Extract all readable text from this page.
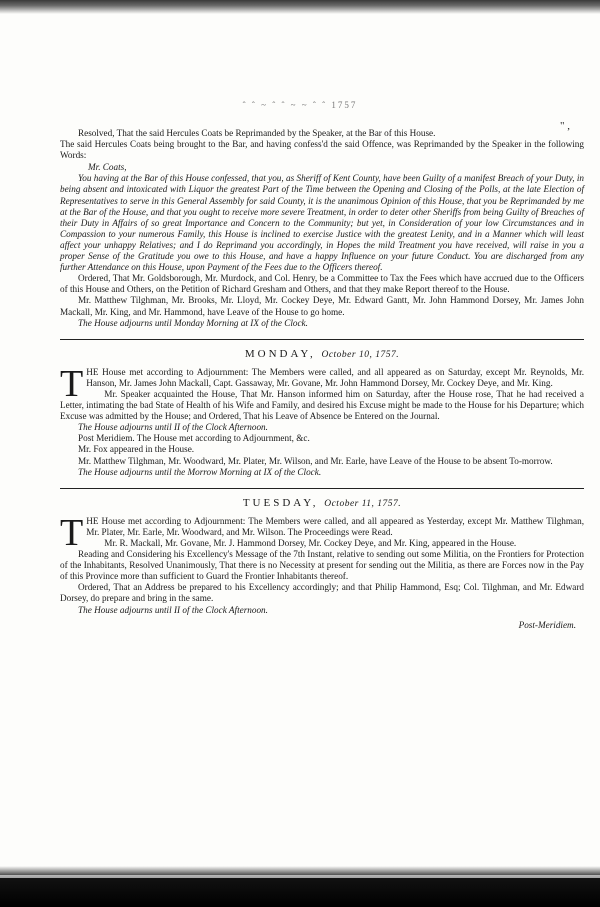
ˆ ˆ ~ ˆ ˆ ~ ~ ˆ ˆ 1757
" ,

Resolved, That the said Hercules Coats be Reprimanded by the Speaker, at the Bar of this House.

The said Hercules Coats being brought to the Bar, and having confess'd the said Offence, was Reprimanded by the Speaker in the following Words:

Mr. Coats,

You having at the Bar of this House confessed, that you, as Sheriff of Kent County, have been Guilty of a manifest Breach of your Duty, in being absent and intoxicated with Liquor the greatest Part of the Time between the Opening and Closing of the Polls, at the late Election of Representatives to serve in this General Assembly for said County, it is the unanimous Opinion of this House, that you be Reprimanded by me at the Bar of the House, and that you ought to receive more severe Treatment, in order to deter other Sheriffs from being Guilty of Breaches of their Duty in Affairs of so great Importance and Concern to the Community; but yet, in Consideration of your low Circumstances and in Compassion to your numerous Family, this House is inclined to exercise Justice with the greatest Lenity, and in a Manner which will least affect your unhappy Relatives; and I do Reprimand you accordingly, in Hopes the mild Treatment you have received, will raise in you a proper Sense of the Gratitude you owe to this House, and have a happy Influence on your future Conduct. You are discharged from any further Attendance on this House, upon Payment of the Fees due to the Officers thereof.

Ordered, That Mr. Goldsborough, Mr. Murdock, and Col. Henry, be a Committee to Tax the Fees which have accrued due to the Officers of this House and Others, on the Petition of Richard Gresham and Others, and that they make Report thereof to the House.

Mr. Matthew Tilghman, Mr. Brooks, Mr. Lloyd, Mr. Cockey Deye, Mr. Edward Gantt, Mr. John Hammond Dorsey, Mr. James John Mackall, Mr. King, and Mr. Hammond, have Leave of the House to go home.

The House adjourns until Monday Morning at IX of the Clock.

MONDAY, October 10, 1757.

THE House met according to Adjournment: The Members were called, and all appeared as on Saturday, except Mr. Reynolds, Mr. Hanson, Mr. James John Mackall, Capt. Gassaway, Mr. Govane, Mr. John Hammond Dorsey, Mr. Cockey Deye, and Mr. King.

Mr. Speaker acquainted the House, That Mr. Hanson informed him on Saturday, after the House rose, That he had received a Letter, intimating the bad State of Health of his Wife and Family, and desired his Excuse might be made to the House for his Departure; which Excuse was admitted by the House; and Ordered, That his Leave of Absence be Entered on the Journal.

The House adjourns until II of the Clock Afternoon.

Post Meridiem. The House met according to Adjournment, &c.

Mr. Fox appeared in the House.

Mr. Matthew Tilghman, Mr. Woodward, Mr. Plater, Mr. Wilson, and Mr. Earle, have Leave of the House to be absent To-morrow.

The House adjourns until the Morrow Morning at IX of the Clock.

TUESDAY, October 11, 1757.

THE House met according to Adjournment: The Members were called, and all appeared as Yesterday, except Mr. Matthew Tilghman, Mr. Plater, Mr. Earle, Mr. Woodward, and Mr. Wilson. The Proceedings were Read.

Mr. R. Mackall, Mr. Govane, Mr. J. Hammond Dorsey, Mr. Cockey Deye, and Mr. King, appeared in the House.

Reading and Considering his Excellency's Message of the 7th Instant, relative to sending out some Militia, on the Frontiers for Protection of the Inhabitants, Resolved Unanimously, That there is no Necessity at present for sending out the Militia, as there are Forces now in the Pay of this Province more than sufficient to Guard the Frontier Inhabitants thereof.

Ordered, That an Address be prepared to his Excellency accordingly; and that Philip Hammond, Esq; Col. Tilghman, and Mr. Edward Dorsey, do prepare and bring in the same.

The House adjourns until II of the Clock Afternoon.

Post-Meridiem.
